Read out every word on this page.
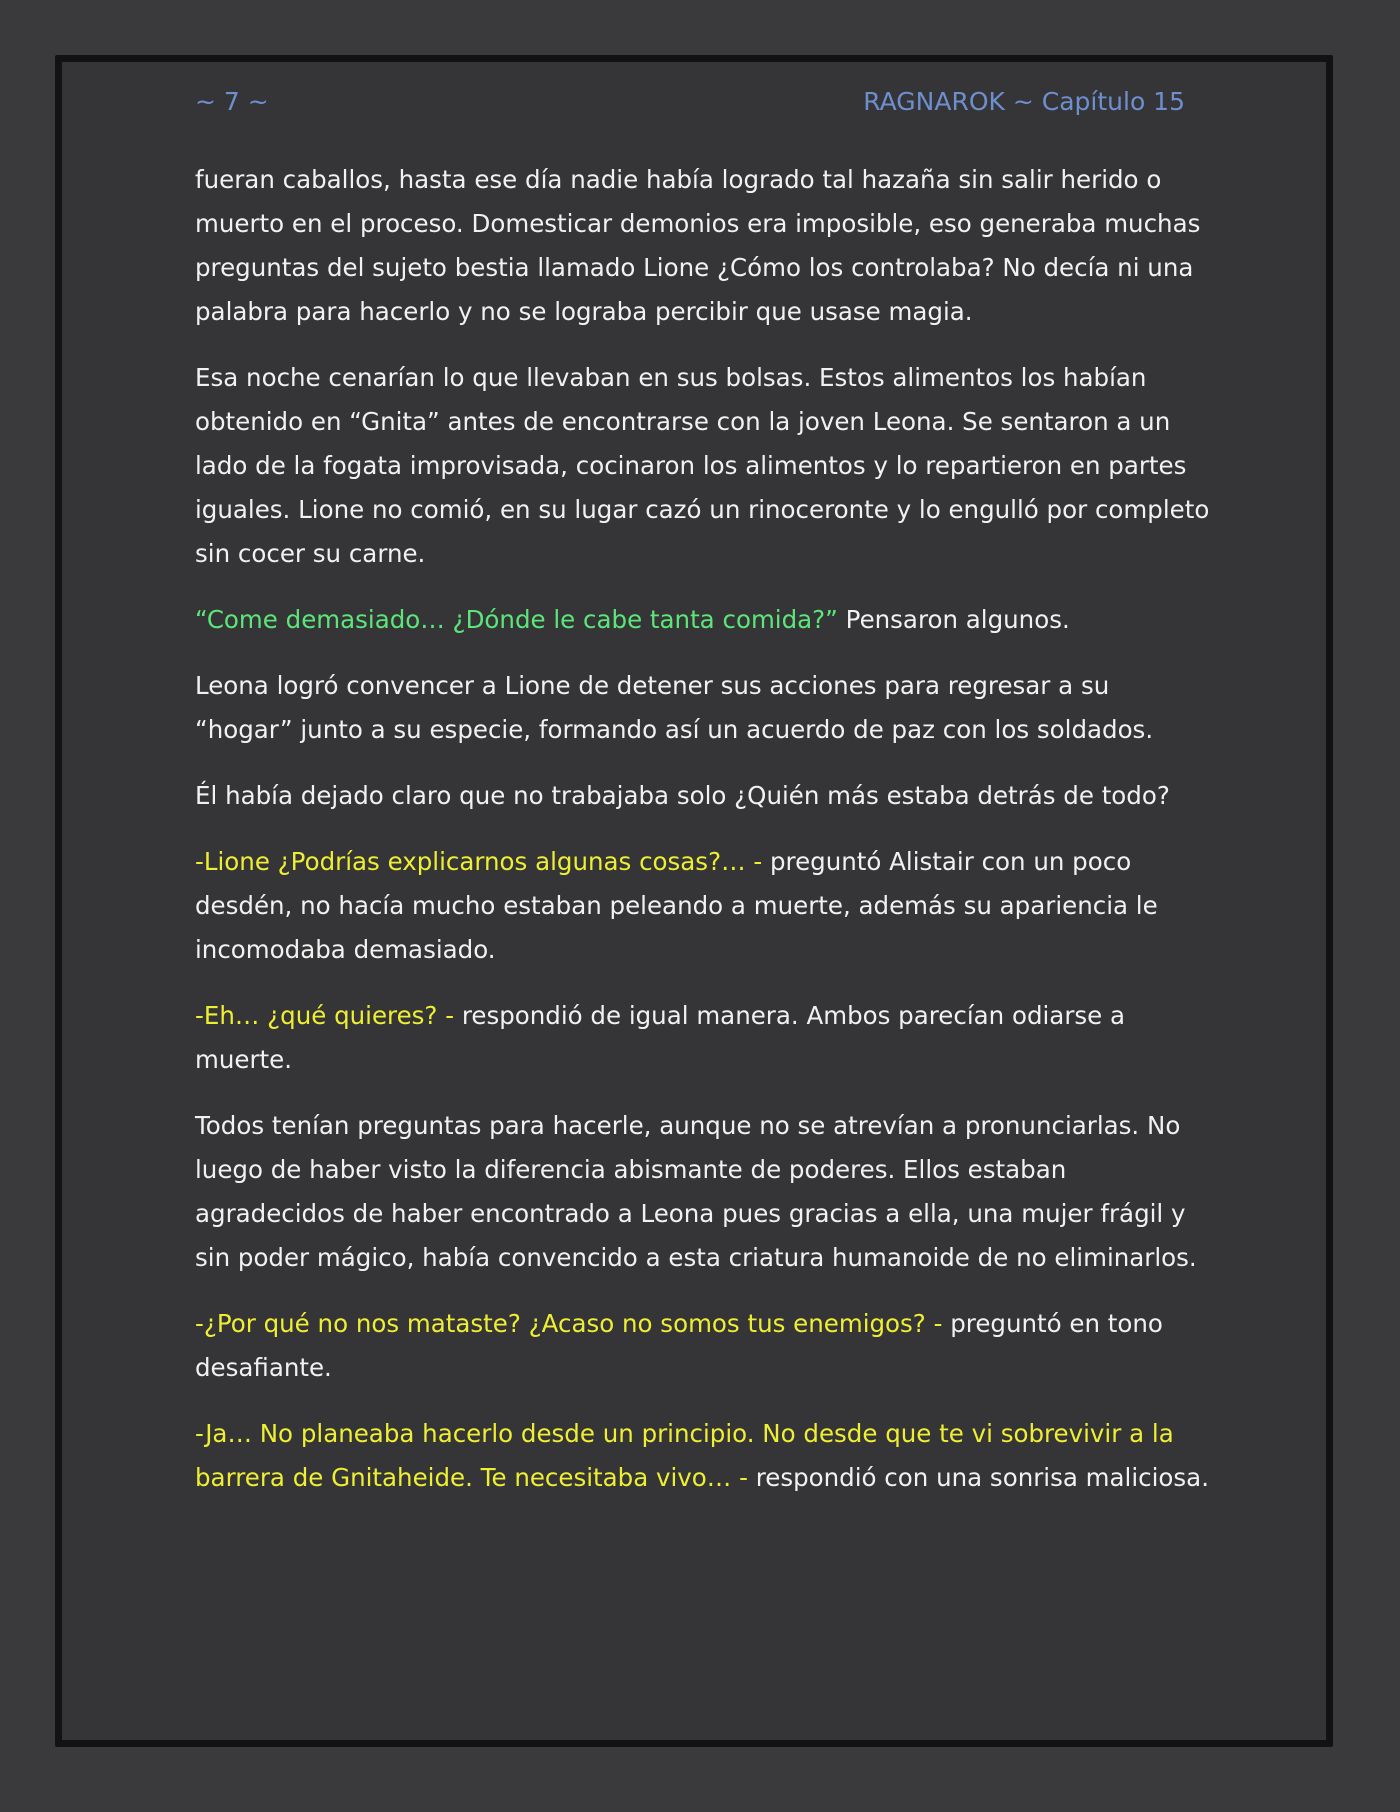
~ 7 ~	RAGNAROK ~ Capítulo 15

fueran caballos, hasta ese día nadie había logrado tal hazaña sin salir herido o muerto en el proceso. Domesticar demonios era imposible, eso generaba muchas preguntas del sujeto bestia llamado Lione ¿Cómo los controlaba? No decía ni una palabra para hacerlo y no se lograba percibir que usase magia.

Esa noche cenarían lo que llevaban en sus bolsas. Estos alimentos los habían obtenido en “Gnita” antes de encontrarse con la joven Leona. Se sentaron a un lado de la fogata improvisada, cocinaron los alimentos y lo repartieron en partes iguales. Lione no comió, en su lugar cazó un rinoceronte y lo engulló por completo sin cocer su carne.

“Come demasiado… ¿Dónde le cabe tanta comida?” Pensaron algunos.

Leona logró convencer a Lione de detener sus acciones para regresar a su “hogar” junto a su especie, formando así un acuerdo de paz con los soldados.

Él había dejado claro que no trabajaba solo ¿Quién más estaba detrás de todo?

-Lione ¿Podrías explicarnos algunas cosas?… - preguntó Alistair con un poco desdén, no hacía mucho estaban peleando a muerte, además su apariencia le incomodaba demasiado.

-Eh… ¿qué quieres? - respondió de igual manera. Ambos parecían odiarse a muerte.

Todos tenían preguntas para hacerle, aunque no se atrevían a pronunciarlas. No luego de haber visto la diferencia abismante de poderes. Ellos estaban agradecidos de haber encontrado a Leona pues gracias a ella, una mujer frágil y sin poder mágico, había convencido a esta criatura humanoide de no eliminarlos.

-¿Por qué no nos mataste? ¿Acaso no somos tus enemigos? - preguntó en tono desafiante.

-Ja… No planeaba hacerlo desde un principio. No desde que te vi sobrevivir a la barrera de Gnitaheide. Te necesitaba vivo… - respondió con una sonrisa maliciosa.
